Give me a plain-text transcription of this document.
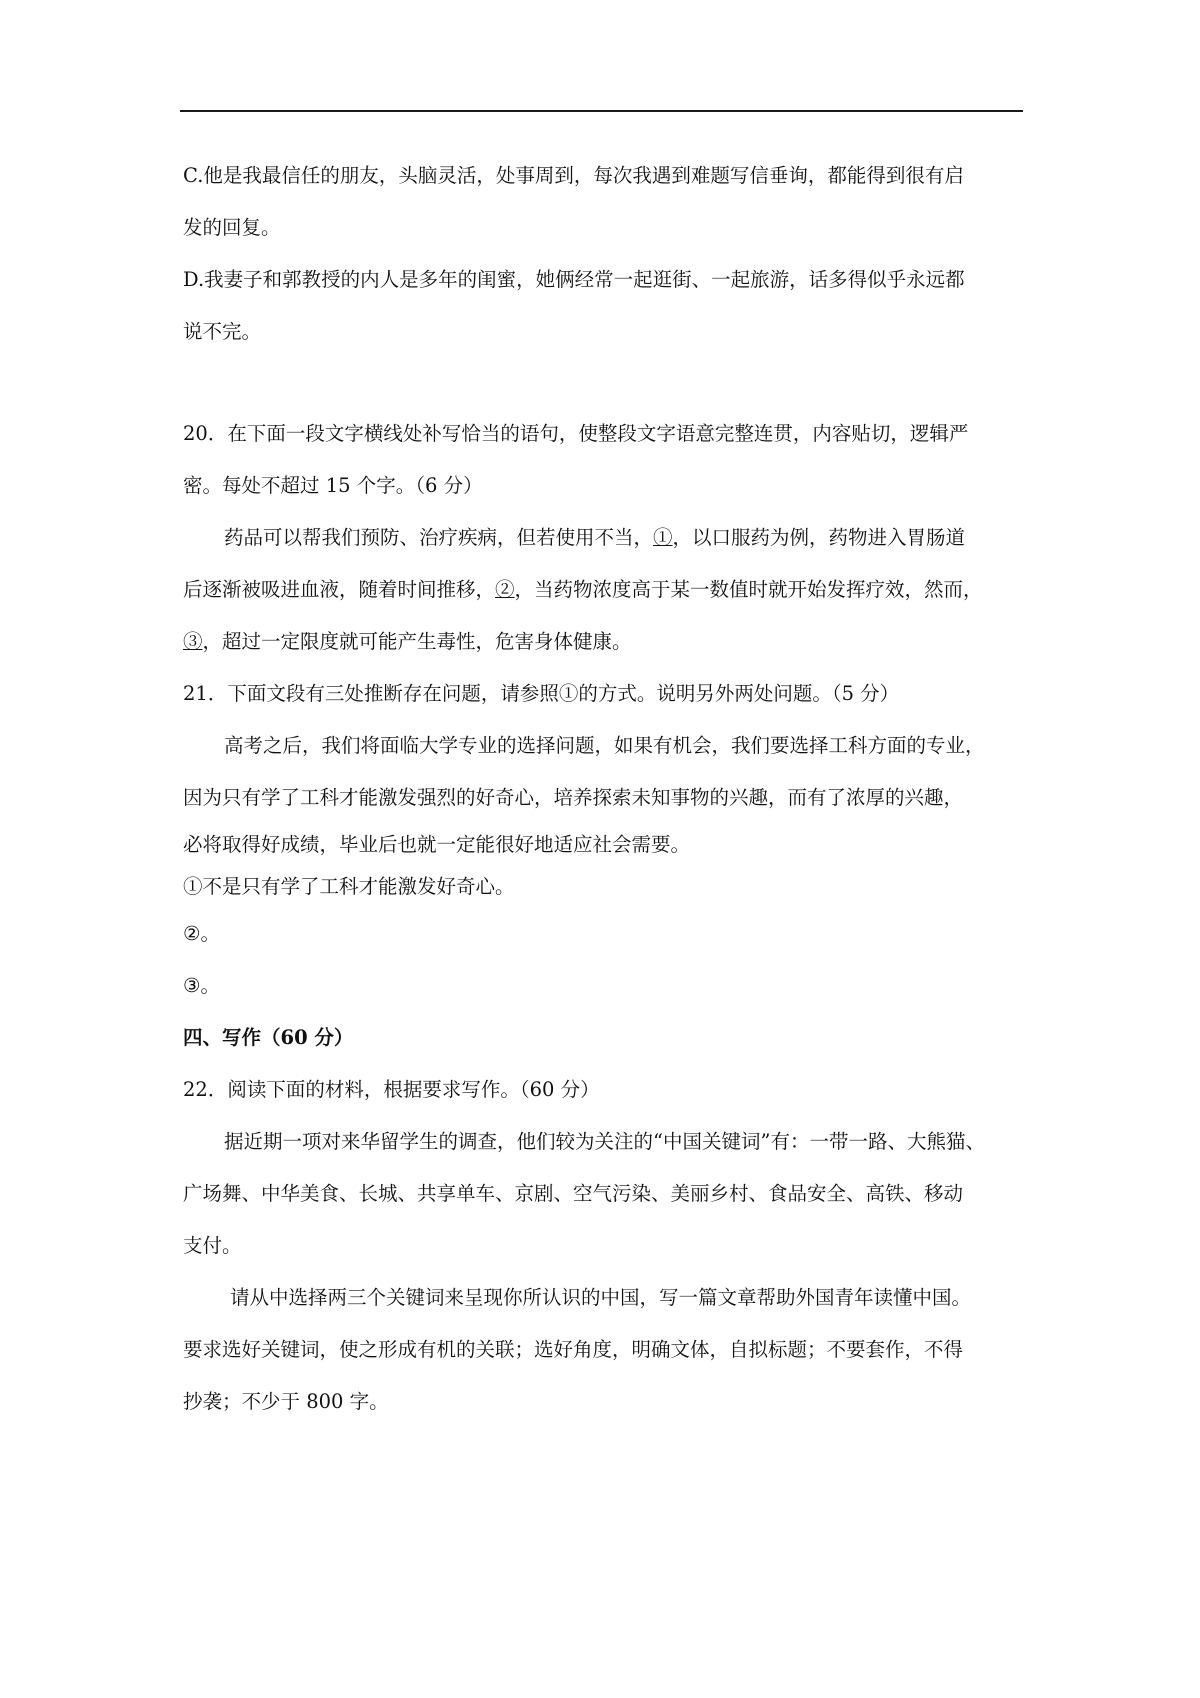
C.他是我最信任的朋友，头脑灵活，处事周到，每次我遇到难题写信垂询，都能得到很有启

发的回复。

D.我妻子和郭教授的内人是多年的闺蜜，她俩经常一起逛街、一起旅游，话多得似乎永远都

说不完。

20．在下面一段文字横线处补写恰当的语句，使整段文字语意完整连贯，内容贴切，逻辑严

密。每处不超过 15 个字。（6 分）

药品可以帮我们预防、治疗疾病，但若使用不当，①，以口服药为例，药物进入胃肠道

后逐渐被吸进血液，随着时间推移，②，当药物浓度高于某一数值时就开始发挥疗效，然而，

③，超过一定限度就可能产生毒性，危害身体健康。

21．下面文段有三处推断存在问题，请参照①的方式。说明另外两处问题。（5 分）

高考之后，我们将面临大学专业的选择问题，如果有机会，我们要选择工科方面的专业，

因为只有学了工科才能激发强烈的好奇心，培养探索未知事物的兴趣，而有了浓厚的兴趣，

必将取得好成绩，毕业后也就一定能很好地适应社会需要。

①不是只有学了工科才能激发好奇心。

②。

③。

四、写作（60 分）

22．阅读下面的材料，根据要求写作。（60 分）

据近期一项对来华留学生的调查，他们较为关注的“中国关键词”有：一带一路、大熊猫、

广场舞、中华美食、长城、共享单车、京剧、空气污染、美丽乡村、食品安全、高铁、移动

支付。

请从中选择两三个关键词来呈现你所认识的中国，写一篇文章帮助外国青年读懂中国。

要求选好关键词，使之形成有机的关联；选好角度，明确文体，自拟标题；不要套作，不得

抄袭；不少于 800 字。
